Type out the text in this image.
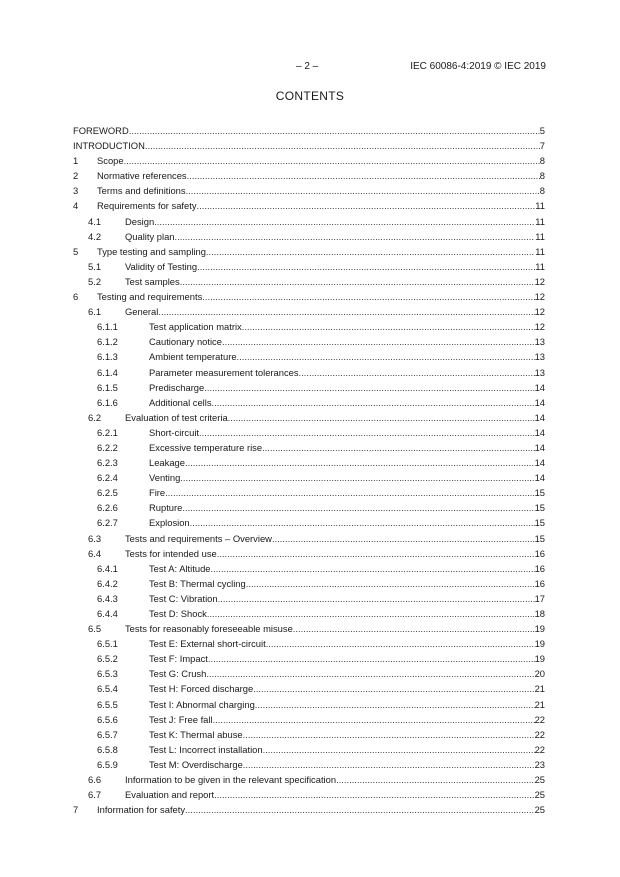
– 2 –	IEC 60086-4:2019 © IEC 2019
CONTENTS
FOREWORD .....	5
INTRODUCTION .....	7
1	Scope .....	8
2	Normative references .....	8
3	Terms and definitions .....	8
4	Requirements for safety .....	11
4.1	Design .....	11
4.2	Quality plan .....	11
5	Type testing and sampling .....	11
5.1	Validity of Testing .....	11
5.2	Test samples .....	12
6	Testing and requirements .....	12
6.1	General .....	12
6.1.1	Test application matrix .....	12
6.1.2	Cautionary notice .....	13
6.1.3	Ambient temperature .....	13
6.1.4	Parameter measurement tolerances .....	13
6.1.5	Predischarge .....	14
6.1.6	Additional cells .....	14
6.2	Evaluation of test criteria .....	14
6.2.1	Short-circuit .....	14
6.2.2	Excessive temperature rise .....	14
6.2.3	Leakage .....	14
6.2.4	Venting .....	14
6.2.5	Fire .....	15
6.2.6	Rupture .....	15
6.2.7	Explosion .....	15
6.3	Tests and requirements – Overview .....	15
6.4	Tests for intended use .....	16
6.4.1	Test A: Altitude .....	16
6.4.2	Test B: Thermal cycling .....	16
6.4.3	Test C: Vibration .....	17
6.4.4	Test D: Shock .....	18
6.5	Tests for reasonably foreseeable misuse .....	19
6.5.1	Test E: External short-circuit .....	19
6.5.2	Test F: Impact .....	19
6.5.3	Test G: Crush .....	20
6.5.4	Test H: Forced discharge .....	21
6.5.5	Test I: Abnormal charging .....	21
6.5.6	Test J: Free fall .....	22
6.5.7	Test K: Thermal abuse .....	22
6.5.8	Test L: Incorrect installation .....	22
6.5.9	Test M: Overdischarge .....	23
6.6	Information to be given in the relevant specification .....	25
6.7	Evaluation and report .....	25
7	Information for safety .....	25
